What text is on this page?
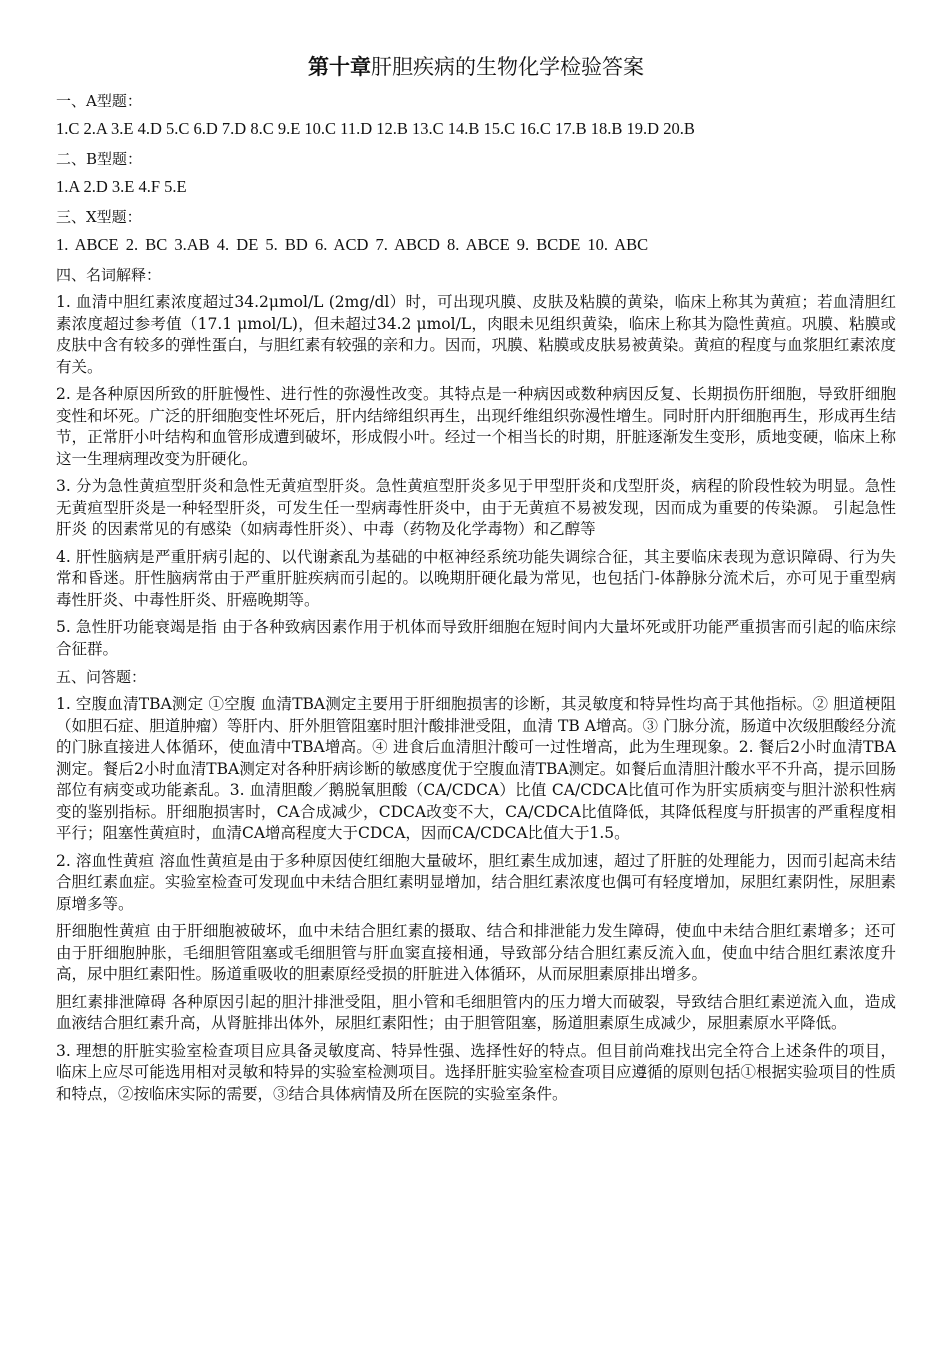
第十章肝胆疾病的生物化学检验答案
一、A型题：
1.C 2.A 3.E 4.D 5.C 6.D 7.D 8.C 9.E 10.C 11.D 12.B 13.C 14.B 15.C 16.C 17.B 18.B 19.D 20.B
二、B型题：
1.A 2.D 3.E 4.F 5.E
三、X型题：
1. ABCE 2. BC 3.AB 4. DE 5. BD 6. ACD 7. ABCD 8. ABCE 9. BCDE 10. ABC
四、名词解释：

1. 血清中胆红素浓度超过34.2μmol/L (2mg/dl）时，可出现巩膜、皮肤及粘膜的黄染，临床上称其为黄疸；若血清胆红素浓度超过参考值（17.1 μmol/L)，但未超过34.2 μmol/L，肉眼未见组织黄染，临床上称其为隐性黄疸。巩膜、粘膜或皮肤中含有较多的弹性蛋白，与胆红素有较强的亲和力。因而，巩膜、粘膜或皮肤易被黄染。黄疸的程度与血浆胆红素浓度有关。

2. 是各种原因所致的肝脏慢性、进行性的弥漫性改变。其特点是一种病因或数种病因反复、长期损伤肝细胞，导致肝细胞变性和坏死。广泛的肝细胞变性坏死后，肝内结缔组织再生，出现纤维组织弥漫性增生。同时肝内肝细胞再生，形成再生结节，正常肝小叶结构和血管形成遭到破坏，形成假小叶。经过一个相当长的时期，肝脏逐渐发生变形，质地变硬，临床上称这一生理病理改变为肝硬化。

3. 分为急性黄疸型肝炎和急性无黄疸型肝炎。急性黄疸型肝炎多见于甲型肝炎和戊型肝炎，病程的阶段性较为明显。急性无黄疸型肝炎是一种轻型肝炎，可发生任一型病毒性肝炎中，由于无黄疸不易被发现，因而成为重要的传染源。 引起急性 肝炎 的因素常见的有感染（如病毒性肝炎）、中毒（药物及化学毒物）和乙醇等

4. 肝性脑病是严重肝病引起的、以代谢紊乱为基础的中枢神经系统功能失调综合征，其主要临床表现为意识障碍、行为失常和昏迷。肝性脑病常由于严重肝脏疾病而引起的。以晚期肝硬化最为常见，也包括门-体静脉分流术后，亦可见于重型病毒性肝炎、中毒性肝炎、肝癌晚期等。

5. 急性肝功能衰竭是指 由于各种致病因素作用于机体而导致肝细胞在短时间内大量坏死或肝功能严重损害而引起的临床综合征群。

五、问答题：

1. 空腹血清TBA测定 ①空腹 血清TBA测定主要用于肝细胞损害的诊断，其灵敏度和特异性均高于其他指标。② 胆道梗阻（如胆石症、胆道肿瘤）等肝内、肝外胆管阻塞时胆汁酸排泄受阻，血清 TB A增高。③ 门脉分流，肠道中次级胆酸经分流的门脉直接进人体循环，使血清中TBA增高。④ 进食后血清胆汁酸可一过性增高，此为生理现象。2. 餐后2小时血清TBA测定。餐后2小时血清TBA测定对各种肝病诊断的敏感度优于空腹血清TBA测定。如餐后血清胆汁酸水平不升高，提示回肠部位有病变或功能紊乱。3. 血清胆酸／鹅脱氧胆酸（CA/CDCA）比值 CA/CDCA比值可作为肝实质病变与胆汁淤积性病变的鉴别指标。肝细胞损害时，CA合成减少，CDCA改变不大，CA/CDCA比值降低，其降低程度与肝损害的严重程度相平行；阻塞性黄疸时，血清CA增高程度大于CDCA，因而CA/CDCA比值大于1.5。

2. 溶血性黄疸 溶血性黄疸是由于多种原因使红细胞大量破坏，胆红素生成加速，超过了肝脏的处理能力，因而引起高未结合胆红素血症。实验室检查可发现血中未结合胆红素明显增加，结合胆红素浓度也偶可有轻度增加，尿胆红素阴性，尿胆素原增多等。

肝细胞性黄疸 由于肝细胞被破坏，血中未结合胆红素的摄取、结合和排泄能力发生障碍，使血中未结合胆红素增多；还可由于肝细胞肿胀，毛细胆管阻塞或毛细胆管与肝血窦直接相通，导致部分结合胆红素反流入血，使血中结合胆红素浓度升高，尿中胆红素阳性。肠道重吸收的胆素原经受损的肝脏进入体循环，从而尿胆素原排出增多。

胆红素排泄障碍 各种原因引起的胆汁排泄受阻，胆小管和毛细胆管内的压力增大而破裂，导致结合胆红素逆流入血，造成血液结合胆红素升高，从肾脏排出体外，尿胆红素阳性；由于胆管阻塞，肠道胆素原生成减少，尿胆素原水平降低。

3. 理想的肝脏实验室检查项目应具备灵敏度高、特异性强、选择性好的特点。但目前尚难找出完全符合上述条件的项目，临床上应尽可能选用相对灵敏和特异的实验室检测项目。选择肝脏实验室检查项目应遵循的原则包括①根据实验项目的性质和特点，②按临床实际的需要，③结合具体病情及所在医院的实验室条件。
